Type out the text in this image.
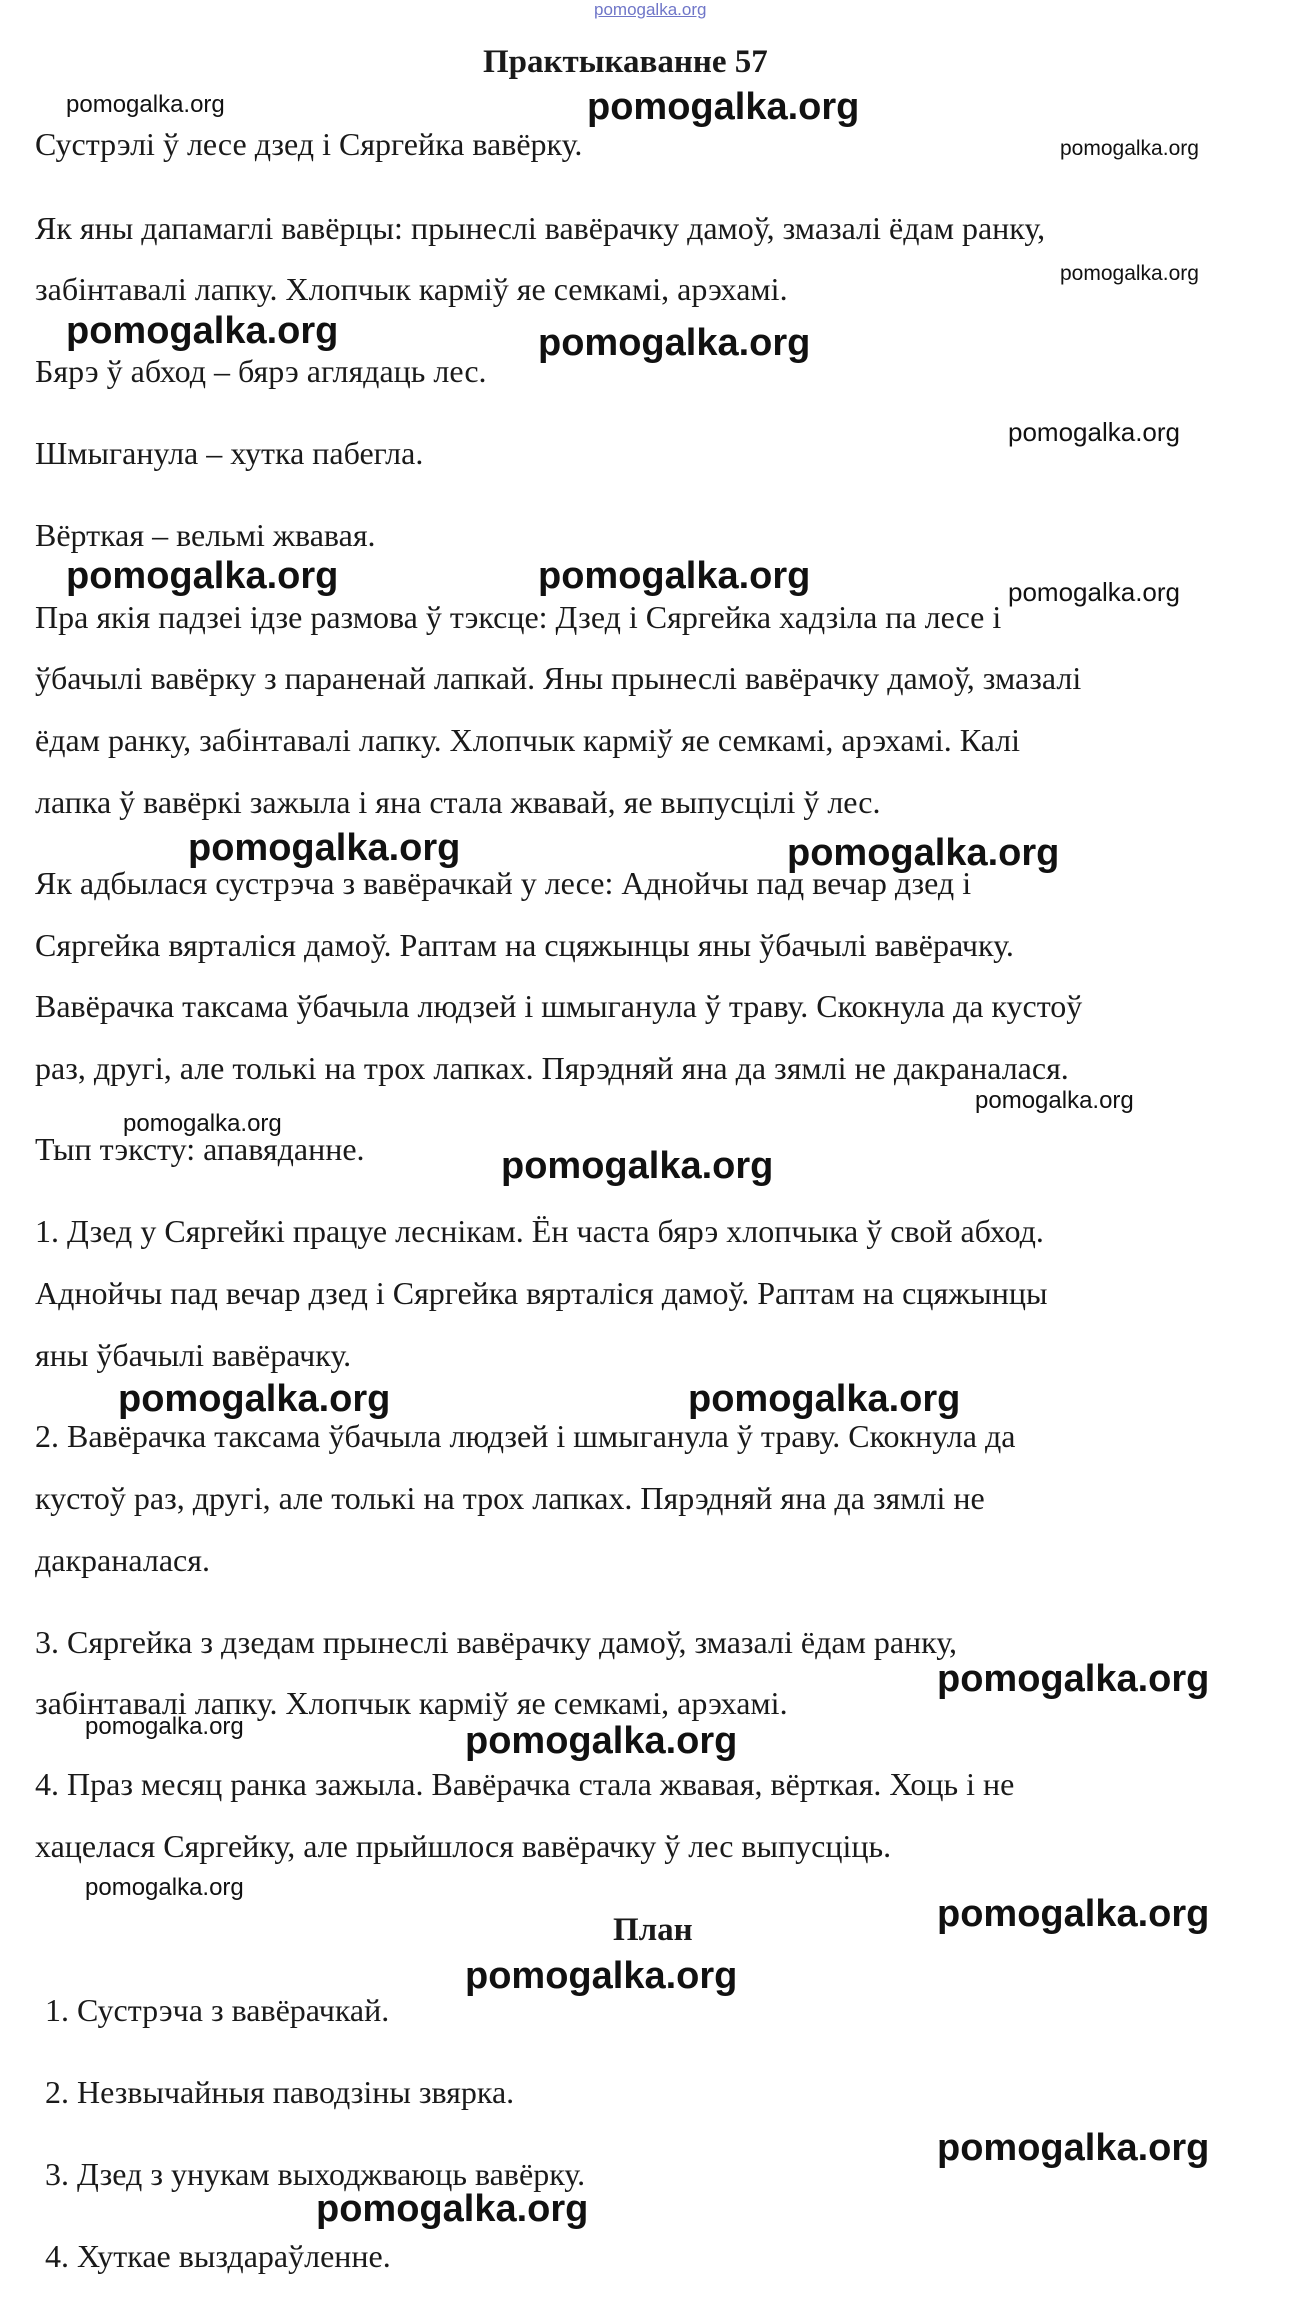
pomogalka.org
Практыкаванне 57
Сустрэлі ў лесе дзед і Сяргейка вавёрку.
Як яны дапамаглі вавёрцы: прынеслі вавёрачку дамоў, змазалі ёдам ранку,
забінтавалі лапку. Хлопчык карміў яе семкамі, арэхамі.
Бярэ ў абход – бярэ аглядаць лес.
Шмыганула – хутка пабегла.
Вёрткая – вельмі жвавая.
Пра якія падзеі ідзе размова ў тэксце: Дзед і Сяргейка хадзіла па лесе і
ўбачылі вавёрку з параненай лапкай. Яны прынеслі вавёрачку дамоў, змазалі
ёдам ранку, забінтавалі лапку. Хлопчык карміў яе семкамі, арэхамі. Калі
лапка ў вавёркі зажыла і яна стала жвавай, яе выпусцілі ў лес.
Як адбылася сустрэча з вавёрачкай у лесе: Аднойчы пад вечар дзед і
Сяргейка вярталіся дамоў. Раптам на сцяжынцы яны ўбачылі вавёрачку.
Вавёрачка таксама ўбачыла людзей і шмыганула ў траву. Скокнула да кустоў
раз, другі, але толькі на трох лапках. Пярэдняй яна да зямлі не дакраналася.
Тып тэксту: апавяданне.
1. Дзед у Сяргейкі працуе леснікам. Ён часта бярэ хлопчыка ў свой абход.
Аднойчы пад вечар дзед і Сяргейка вярталіся дамоў. Раптам на сцяжынцы
яны ўбачылі вавёрачку.
2. Вавёрачка таксама ўбачыла людзей і шмыганула ў траву. Скокнула да
кустоў раз, другі, але толькі на трох лапках. Пярэдняй яна да зямлі не
дакраналася.
3. Сяргейка з дзедам прынеслі вавёрачку дамоў, змазалі ёдам ранку,
забінтавалі лапку. Хлопчык карміў яе семкамі, арэхамі.
4. Праз месяц ранка зажыла. Вавёрачка стала жвавая, вёрткая. Хоць і не
хацелася Сяргейку, але прыйшлося вавёрачку ў лес выпусціць.
План
1. Сустрэча з вавёрачкай.
2. Незвычайныя паводзіны звярка.
3. Дзед з унукам выходжваюць вавёрку.
4. Хуткае выздараўленне.
pomogalka.org	pomogalka.org
pomogalka.org
pomogalka.org
pomogalka.org	pomogalka.org
pomogalka.org
pomogalka.org	pomogalka.org	pomogalka.org
pomogalka.org	pomogalka.org
pomogalka.org
pomogalka.org
pomogalka.org
pomogalka.org	pomogalka.org
pomogalka.org
pomogalka.org	pomogalka.org
pomogalka.org
pomogalka.org
pomogalka.org
pomogalka.org
pomogalka.org
